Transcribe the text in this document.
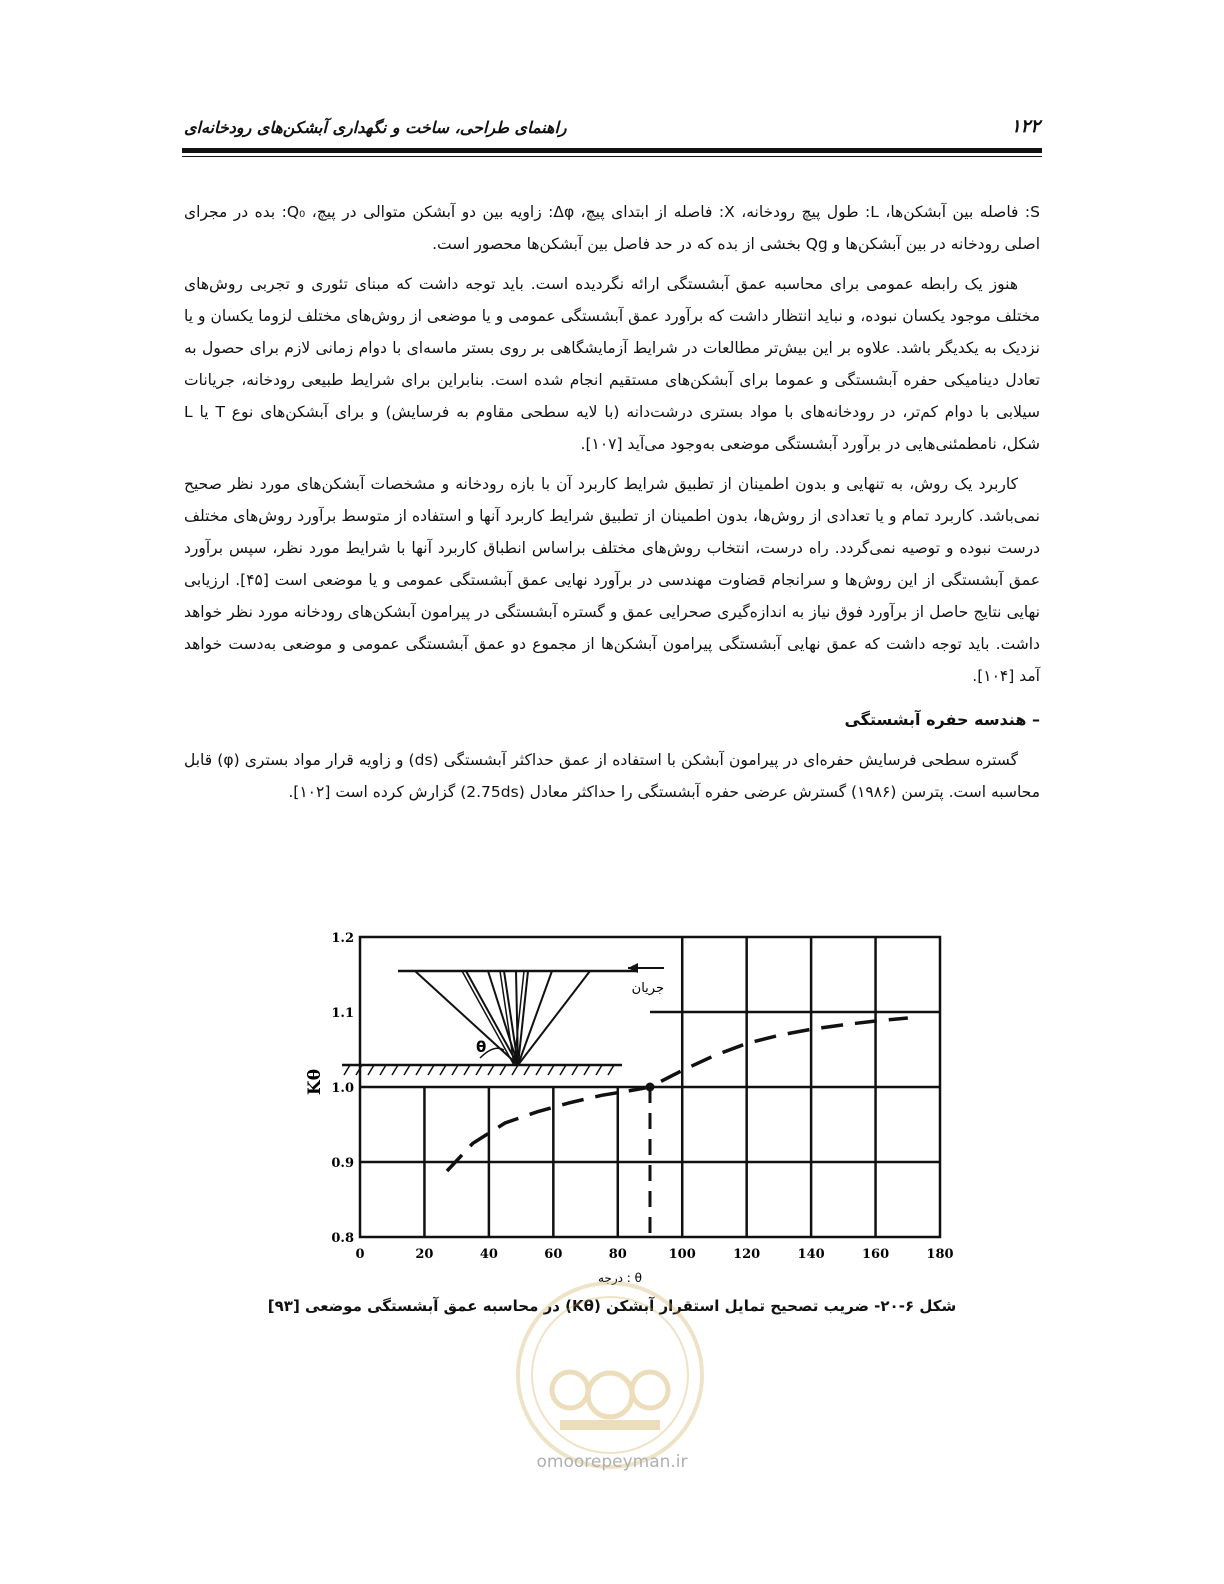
راهنمای طراحی، ساخت و نگهداری آبشکن‌های رودخانه‌ای	۱۲۲

S: فاصله بین آبشکن‌ها، L: طول پیچ رودخانه، X: فاصله از ابتدای پیچ، Δφ: زاویه بین دو آبشکن متوالی در پیچ، Q₀: بده در مجرای اصلی رودخانه در بین آبشکن‌ها و Qg بخشی از بده که در حد فاصل بین آبشکن‌ها محصور است.

هنوز یک رابطه عمومی برای محاسبه عمق آبشستگی ارائه نگردیده است. باید توجه داشت که مبنای تئوری و تجربی روش‌های مختلف موجود یکسان نبوده، و نباید انتظار داشت که برآورد عمق آبشستگی عمومی و یا موضعی از روش‌های مختلف لزوما یکسان و یا نزدیک به یکدیگر باشد. علاوه بر این بیش‌تر مطالعات در شرایط آزمایشگاهی بر روی بستر ماسه‌ای با دوام زمانی لازم برای حصول به تعادل دینامیکی حفره آبشستگی و عموما برای آبشکن‌های مستقیم انجام شده است. بنابراین برای شرایط طبیعی رودخانه، جریانات سیلابی با دوام کم‌تر، در رودخانه‌های با مواد بستری درشت‌دانه (با لایه سطحی مقاوم به فرسایش) و برای آبشکن‌های نوع T یا L شکل، نامطمئنی‌هایی در برآورد آبشستگی موضعی به‌وجود می‌آید [۱۰۷].

کاربرد یک روش، به تنهایی و بدون اطمینان از تطبیق شرایط کاربرد آن با بازه رودخانه و مشخصات آبشکن‌های مورد نظر صحیح نمی‌باشد. کاربرد تمام و یا تعدادی از روش‌ها، بدون اطمینان از تطبیق شرایط کاربرد آنها و استفاده از متوسط برآورد روش‌های مختلف درست نبوده و توصیه نمی‌گردد. راه درست، انتخاب روش‌های مختلف براساس انطباق کاربرد آنها با شرایط مورد نظر، سپس برآورد عمق آبشستگی از این روش‌ها و سرانجام قضاوت مهندسی در برآورد نهایی عمق آبشستگی عمومی و یا موضعی است [۴۵]. ارزیابی نهایی نتایج حاصل از برآورد فوق نیاز به اندازه‌گیری صحرایی عمق و گستره آبشستگی در پیرامون آبشکن‌های رودخانه مورد نظر خواهد داشت. باید توجه داشت که عمق نهایی آبشستگی پیرامون آبشکن‌ها از مجموع دو عمق آبشستگی عمومی و موضعی به‌دست خواهد آمد [۱۰۴].

– هندسه حفره آبشستگی

گستره سطحی فرسایش حفره‌ای در پیرامون آبشکن با استفاده از عمق حداکثر آبشستگی (ds) و زاویه قرار مواد بستری (φ) قابل محاسبه است. پترسن (۱۹۸۶) گسترش عرضی حفره آبشستگی را حداکثر معادل (2.75ds) گزارش کرده است [۱۰۲].

θ
جریان
0	20	40	60	80	100	120	140	160	180
0.8
0.9
1.0
1.1
1.2
درجه : θ
Kθ
شکل ۶-۲۰- ضریب تصحیح تمایل استقرار آبشکن (Kθ) در محاسبه عمق آبشستگی موضعی [۹۳]
omoorepeyman.ir
